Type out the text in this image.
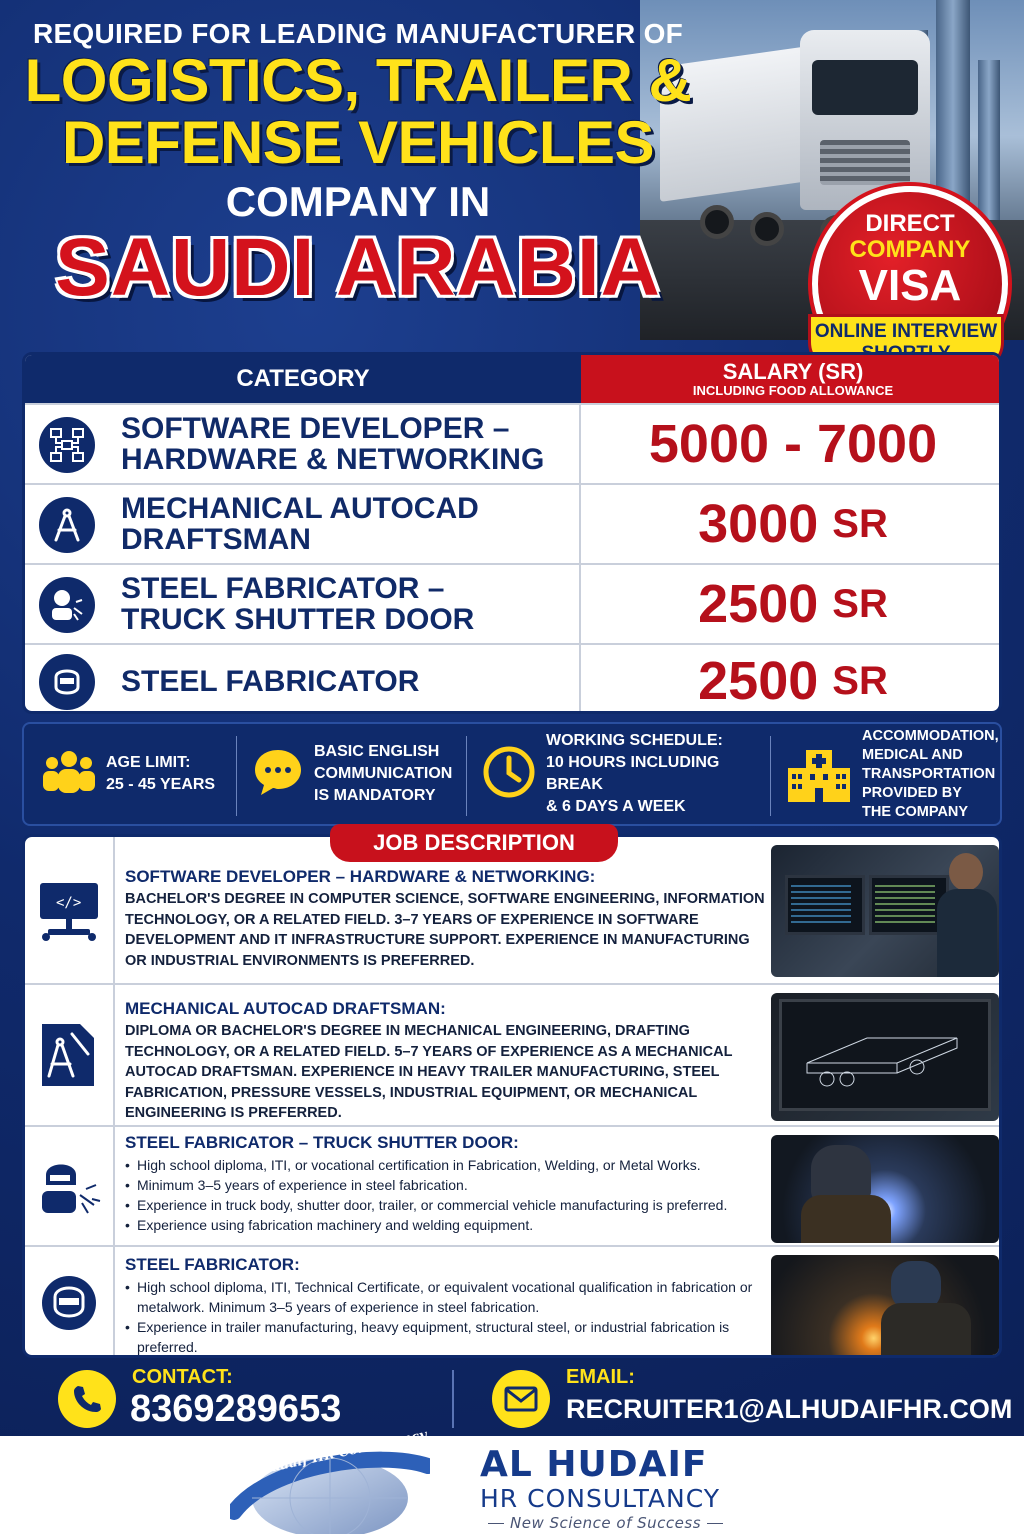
REQUIRED FOR LEADING MANUFACTURER OF
LOGISTICS, TRAILER &
DEFENSE VEHICLES
COMPANY IN
SAUDI ARABIA	DIRECT
COMPANY
VISA
ONLINE INTERVIEW
CATEGORY	SALARY (SR)
INCLUDING FOOD ALLOWANCE
SOFTWARE DEVELOPER –
HARDWARE & NETWORKING	5000 - 7000
MECHANICAL AUTOCAD
DRAFTSMAN	3000 SR
STEEL FABRICATOR –
TRUCK SHUTTER DOOR	2500 SR
STEEL FABRICATOR	2500 SR
AGE LIMIT:
25 - 45 YEARS
BASIC ENGLISH
COMMUNICATION
IS MANDATORY
WORKING SCHEDULE:
10 HOURS INCLUDING BREAK
& 6 DAYS A WEEK
ACCOMMODATION,
MEDICAL AND
TRANSPORTATION
PROVIDED BY
THE COMPANY
JOB DESCRIPTION
</>
SOFTWARE DEVELOPER – HARDWARE & NETWORKING:
BACHELOR'S DEGREE IN COMPUTER SCIENCE, SOFTWARE ENGINEERING, INFORMATION TECHNOLOGY, OR A RELATED FIELD. 3–7 YEARS OF EXPERIENCE IN SOFTWARE DEVELOPMENT AND IT INFRASTRUCTURE SUPPORT. EXPERIENCE IN MANUFACTURING OR INDUSTRIAL ENVIRONMENTS IS PREFERRED.
MECHANICAL AUTOCAD DRAFTSMAN:
DIPLOMA OR BACHELOR'S DEGREE IN MECHANICAL ENGINEERING, DRAFTING TECHNOLOGY, OR A RELATED FIELD. 5–7 YEARS OF EXPERIENCE AS A MECHANICAL AUTOCAD DRAFTSMAN. EXPERIENCE IN HEAVY TRAILER MANUFACTURING, STEEL FABRICATION, PRESSURE VESSELS, INDUSTRIAL EQUIPMENT, OR MECHANICAL ENGINEERING IS PREFERRED.
STEEL FABRICATOR – TRUCK SHUTTER DOOR:
• High school diploma, ITI, or vocational certification in Fabrication, Welding, or Metal Works.
• Minimum 3–5 years of experience in steel fabrication.
• Experience in truck body, shutter door, trailer, or commercial vehicle manufacturing is preferred.
• Experience using fabrication machinery and welding equipment.
STEEL FABRICATOR:
• High school diploma, ITI, Technical Certificate, or equivalent vocational qualification in fabrication or metalwork. Minimum 3–5 years of experience in steel fabrication.
• Experience in trailer manufacturing, heavy equipment, structural steel, or industrial fabrication is preferred.
CONTACT:
8369289653
EMAIL:
RECRUITER1@ALHUDAIFHR.COM
AL Hudaif HR Consultancy	AL HUDAIF
HR CONSULTANCY
New Science of Success
